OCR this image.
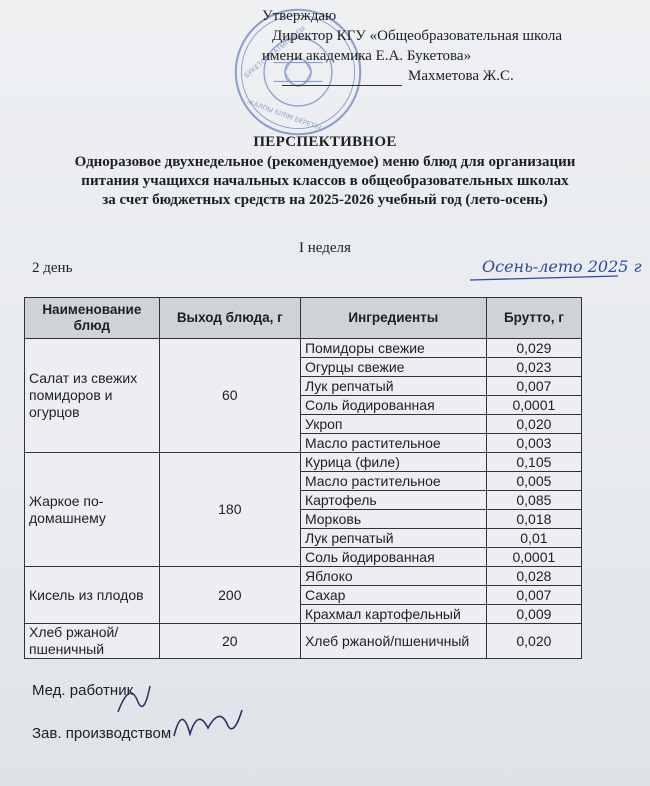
БУКЕТОВА АТЫНДАҒЫ
ЖАЛПЫ БІЛІМ БЕРЕТІН
Утверждаю
Директор КГУ «Общеобразовательная школа
имени академика Е.А. Букетова»
Махметова Ж.С.
ПЕРСПЕКТИВНОЕ
Одноразовое двухнедельное (рекомендуемое) меню блюд для организации
питания учащихся начальных классов в общеобразовательных школах
за счет бюджетных средств на 2025-2026 учебный год (лето-осень)
I неделя
2 день	Осень-лето 2025 г
Наименование блюд	Выход блюда, г	Ингредиенты	Брутто, г
Салат из свежих помидоров и огурцов	60	Помидоры свежие	0,029
		Огурцы свежие	0,023
		Лук репчатый	0,007
		Соль йодированная	0,0001
		Укроп	0,020
		Масло растительное	0,003
Жаркое по-домашнему	180	Курица (филе)	0,105
		Масло растительное	0,005
		Картофель	0,085
		Морковь	0,018
		Лук репчатый	0,01
		Соль йодированная	0,0001
Кисель из плодов	200	Яблоко	0,028
		Сахар	0,007
		Крахмал картофельный	0,009
Хлеб ржаной/ пшеничный	20	Хлеб ржаной/пшеничный	0,020
Мед. работник
Зав. производством
